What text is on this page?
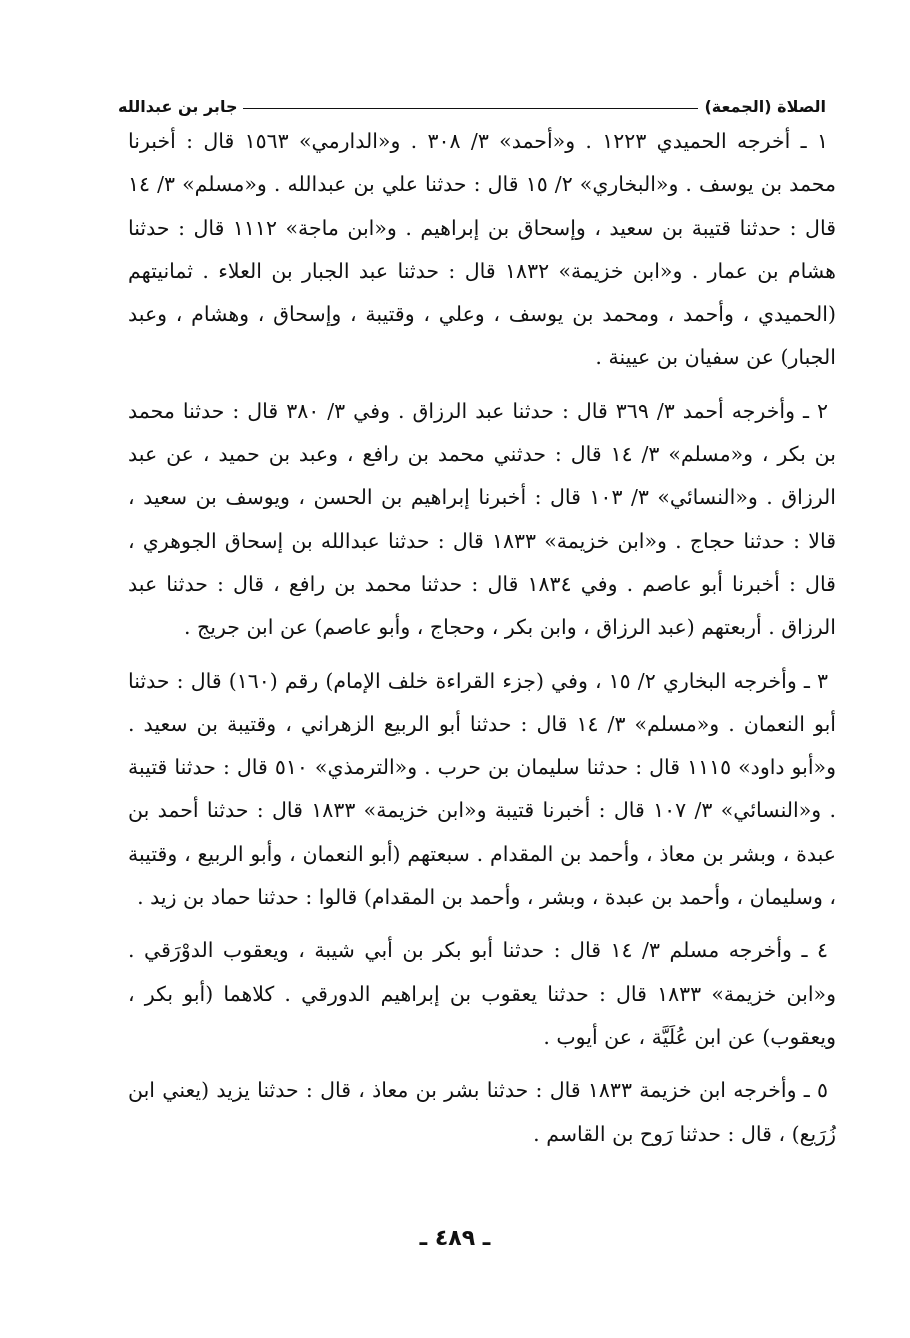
الصلاة (الجمعة)
جابر بن عبدالله

١ ـ أخرجه الحميدي ١٢٢٣ . و«أحمد» ٣/ ٣٠٨ . و«الدارمي» ١٥٦٣ قال : أخبرنا محمد بن يوسف . و«البخاري» ٢/ ١٥ قال : حدثنا علي بن عبدالله . و«مسلم» ٣/ ١٤ قال : حدثنا قتيبة بن سعيد ، وإسحاق بن إبراهيم . و«ابن ماجة» ١١١٢ قال : حدثنا هشام بن عمار . و«ابن خزيمة» ١٨٣٢ قال : حدثنا عبد الجبار بن العلاء . ثمانيتهم (الحميدي ، وأحمد ، ومحمد بن يوسف ، وعلي ، وقتيبة ، وإسحاق ، وهشام ، وعبد الجبار) عن سفيان بن عيينة .

٢ ـ وأخرجه أحمد ٣/ ٣٦٩ قال : حدثنا عبد الرزاق . وفي ٣/ ٣٨٠ قال : حدثنا محمد بن بكر ، و«مسلم» ٣/ ١٤ قال : حدثني محمد بن رافع ، وعبد بن حميد ، عن عبد الرزاق . و«النسائي» ٣/ ١٠٣ قال : أخبرنا إبراهيم بن الحسن ، ويوسف بن سعيد ، قالا : حدثنا حجاج . و«ابن خزيمة» ١٨٣٣ قال : حدثنا عبدالله بن إسحاق الجوهري ، قال : أخبرنا أبو عاصم . وفي ١٨٣٤ قال : حدثنا محمد بن رافع ، قال : حدثنا عبد الرزاق . أربعتهم (عبد الرزاق ، وابن بكر ، وحجاج ، وأبو عاصم) عن ابن جريج .

٣ ـ وأخرجه البخاري ٢/ ١٥ ، وفي (جزء القراءة خلف الإمام) رقم (١٦٠) قال : حدثنا أبو النعمان . و«مسلم» ٣/ ١٤ قال : حدثنا أبو الربيع الزهراني ، وقتيبة بن سعيد . و«أبو داود» ١١١٥ قال : حدثنا سليمان بن حرب . و«الترمذي» ٥١٠ قال : حدثنا قتيبة . و«النسائي» ٣/ ١٠٧ قال : أخبرنا قتيبة و«ابن خزيمة» ١٨٣٣ قال : حدثنا أحمد بن عبدة ، وبشر بن معاذ ، وأحمد بن المقدام . سبعتهم (أبو النعمان ، وأبو الربيع ، وقتيبة ، وسليمان ، وأحمد بن عبدة ، وبشر ، وأحمد بن المقدام) قالوا : حدثنا حماد بن زيد .

٤ ـ وأخرجه مسلم ٣/ ١٤ قال : حدثنا أبو بكر بن أبي شيبة ، ويعقوب الدوْرَقي . و«ابن خزيمة» ١٨٣٣ قال : حدثنا يعقوب بن إبراهيم الدورقي . كلاهما (أبو بكر ، ويعقوب) عن ابن عُلَيَّة ، عن أيوب .

٥ ـ وأخرجه ابن خزيمة ١٨٣٣ قال : حدثنا بشر بن معاذ ، قال : حدثنا يزيد (يعني ابن زُرَيع) ، قال : حدثنا رَوح بن القاسم .

ـ ٤٨٩ ـ
